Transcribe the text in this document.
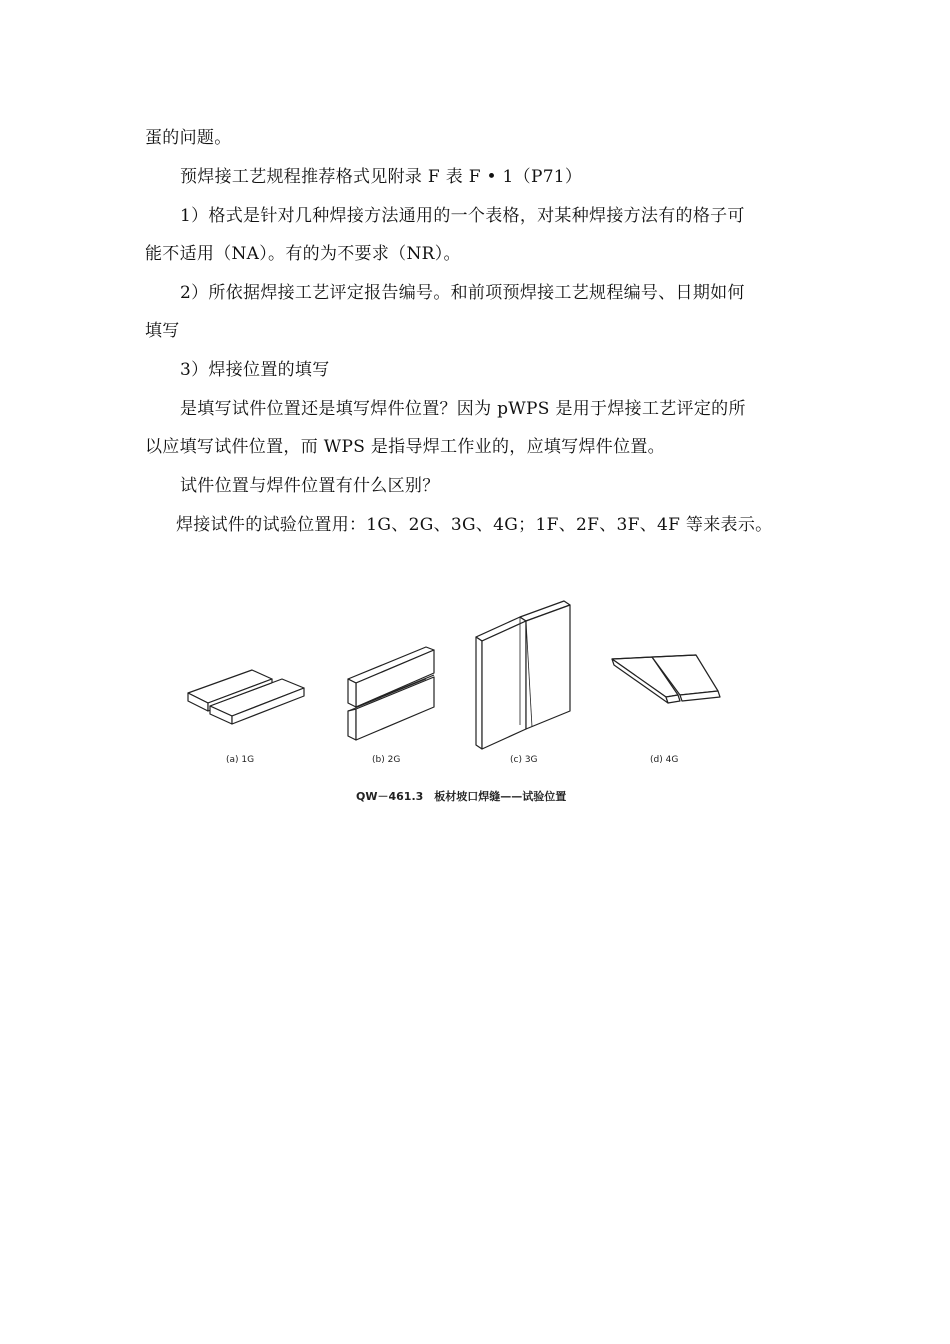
蛋的问题。
预焊接工艺规程推荐格式见附录 F 表 F • 1（P71）
1）格式是针对几种焊接方法通用的一个表格，对某种焊接方法有的格子可
能不适用（NA）。有的为不要求（NR）。
2）所依据焊接工艺评定报告编号。和前项预焊接工艺规程编号、日期如何
填写
3）焊接位置的填写
是填写试件位置还是填写焊件位置？因为 pWPS 是用于焊接工艺评定的所
以应填写试件位置，而 WPS 是指导焊工作业的，应填写焊件位置。
试件位置与焊件位置有什么区别？
焊接试件的试验位置用：1G、2G、3G、4G；1F、2F、3F、4F 等来表示。
(a) 1G	(b) 2G	(c) 3G	(d) 4G
QW－461.3　板材坡口焊缝——试验位置
